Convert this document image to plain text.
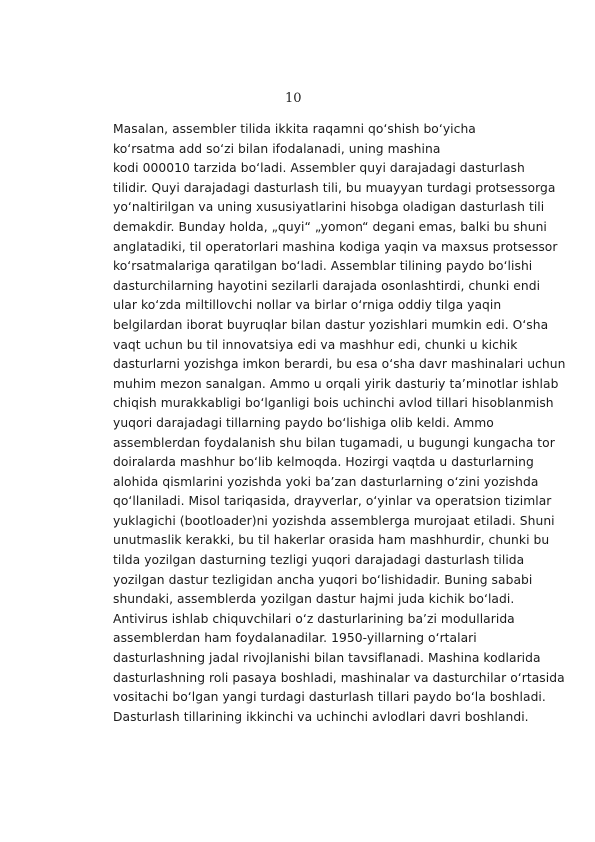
10

Masalan, assembler tilida ikkita raqamni qo‘shish bo‘yicha
ko‘rsatma add so‘zi bilan ifodalanadi, uning mashina
kodi 000010 tarzida bo‘ladi. Assembler quyi darajadagi dasturlash
tilidir. Quyi darajadagi dasturlash tili, bu muayyan turdagi protsessorga
yo‘naltirilgan va uning xususiyatlarini hisobga oladigan dasturlash tili
demakdir. Bunday holda, „quyi“ „yomon“ degani emas, balki bu shuni
anglatadiki, til operatorlari mashina kodiga yaqin va maxsus protsessor
ko‘rsatmalariga qaratilgan bo‘ladi. Assemblar tilining paydo bo‘lishi
dasturchilarning hayotini sezilarli darajada osonlashtirdi, chunki endi
ular ko‘zda miltillovchi nollar va birlar o‘rniga oddiy tilga yaqin
belgilardan iborat buyruqlar bilan dastur yozishlari mumkin edi. O‘sha
vaqt uchun bu til innovatsiya edi va mashhur edi, chunki u kichik
dasturlarni yozishga imkon berardi, bu esa o‘sha davr mashinalari uchun
muhim mezon sanalgan. Ammo u orqali yirik dasturiy ta’minotlar ishlab
chiqish murakkabligi bo‘lganligi bois uchinchi avlod tillari hisoblanmish
yuqori darajadagi tillarning paydo bo‘lishiga olib keldi. Ammo
assemblerdan foydalanish shu bilan tugamadi, u bugungi kungacha tor
doiralarda mashhur bo‘lib kelmoqda. Hozirgi vaqtda u dasturlarning
alohida qismlarini yozishda yoki ba’zan dasturlarning o‘zini yozishda
qo‘llaniladi. Misol tariqasida, drayverlar, o‘yinlar va operatsion tizimlar
yuklagichi (bootloader)ni yozishda assemblerga murojaat etiladi. Shuni
unutmaslik kerakki, bu til hakerlar orasida ham mashhurdir, chunki bu
tilda yozilgan dasturning tezligi yuqori darajadagi dasturlash tilida
yozilgan dastur tezligidan ancha yuqori bo‘lishidadir. Buning sababi
shundaki, assemblerda yozilgan dastur hajmi juda kichik bo‘ladi.
Antivirus ishlab chiquvchilari o‘z dasturlarining ba’zi modullarida
assemblerdan ham foydalanadilar. 1950-yillarning o‘rtalari
dasturlashning jadal rivojlanishi bilan tavsiflanadi. Mashina kodlarida
dasturlashning roli pasaya boshladi, mashinalar va dasturchilar o‘rtasida
vositachi bo‘lgan yangi turdagi dasturlash tillari paydo bo‘la boshladi.
Dasturlash tillarining ikkinchi va uchinchi avlodlari davri boshlandi.
